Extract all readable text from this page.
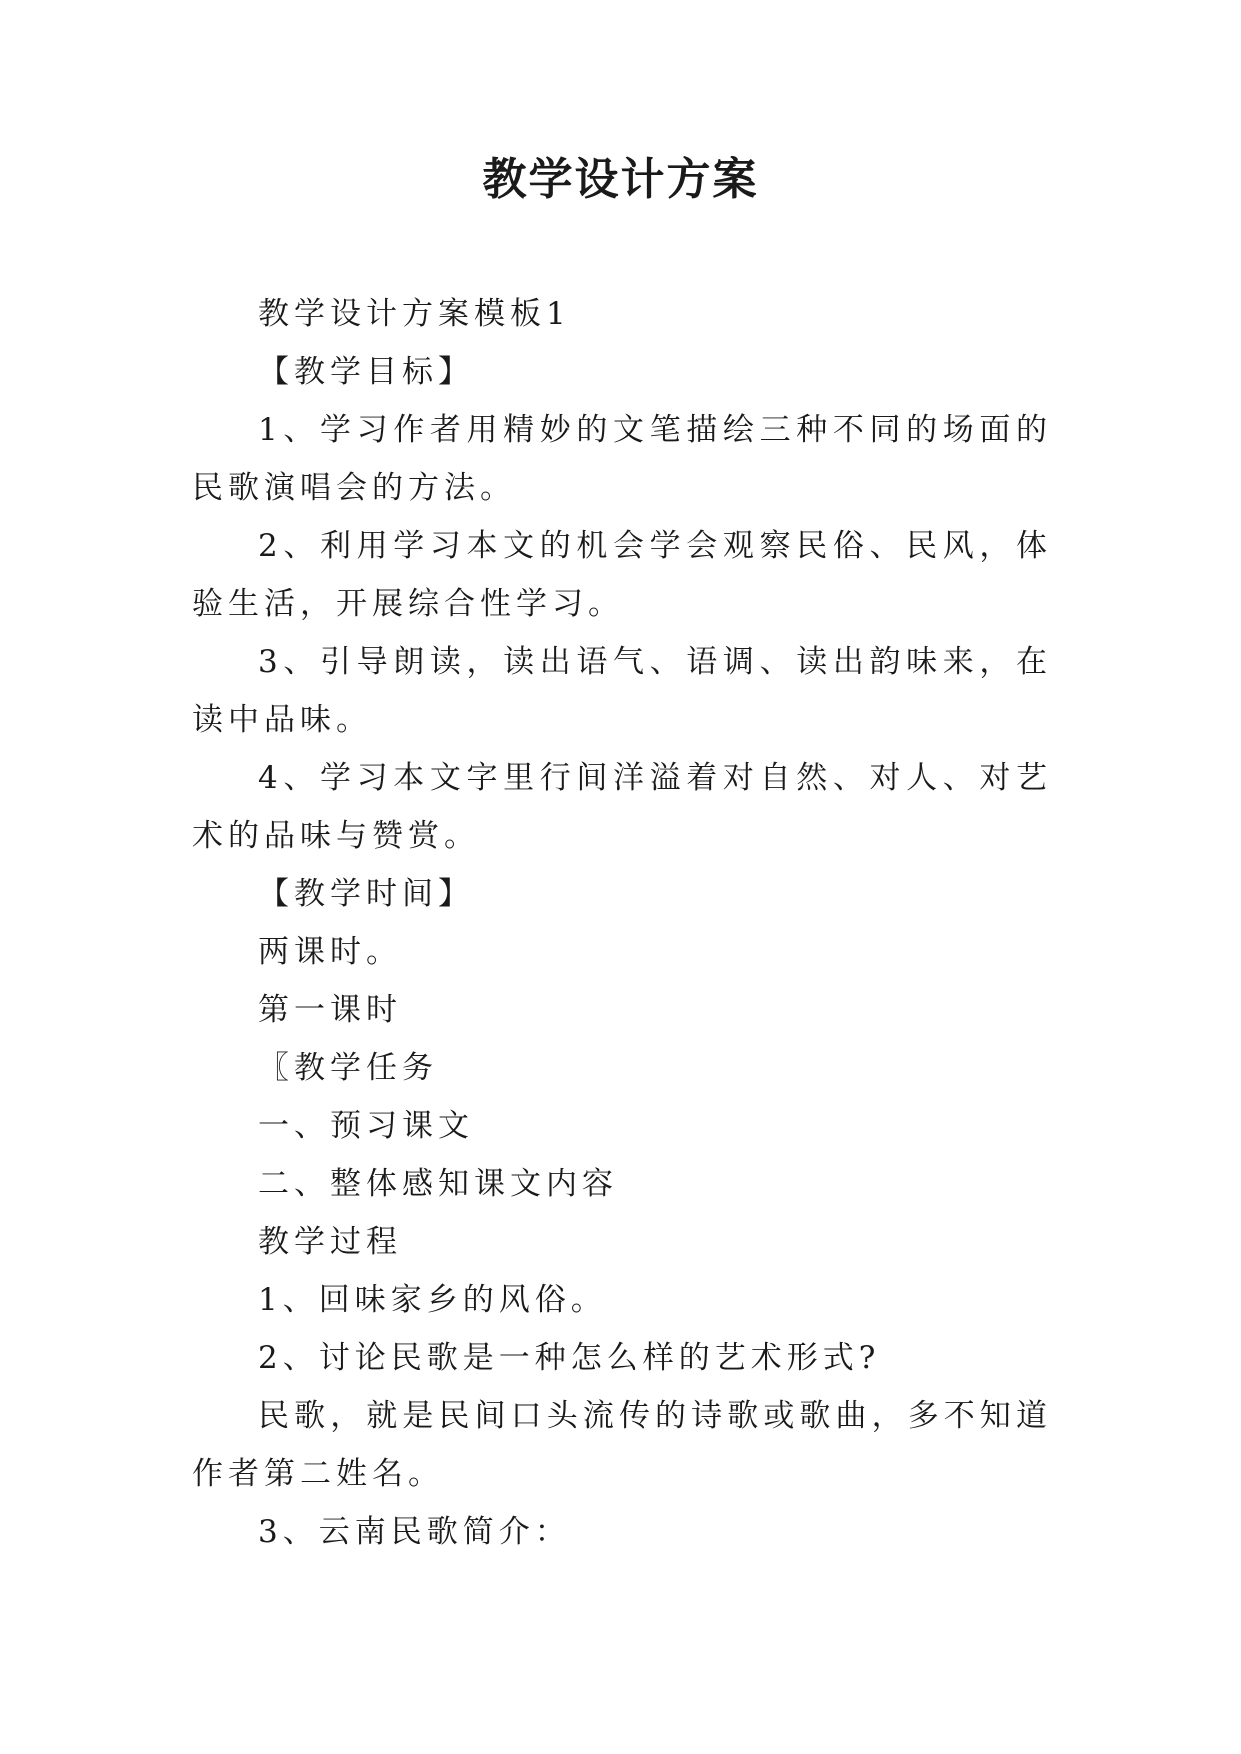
教学设计方案

教学设计方案模板1

【教学目标】

1、学习作者用精妙的文笔描绘三种不同的场面的民歌演唱会的方法。

2、利用学习本文的机会学会观察民俗、民风，体验生活，开展综合性学习。

3、引导朗读，读出语气、语调、读出韵味来，在读中品味。

4、学习本文字里行间洋溢着对自然、对人、对艺术的品味与赞赏。

【教学时间】

两课时。

第一课时

〖教学任务

一、预习课文

二、整体感知课文内容

教学过程

1、回味家乡的风俗。

2、讨论民歌是一种怎么样的艺术形式?

民歌，就是民间口头流传的诗歌或歌曲，多不知道作者第二姓名。

3、云南民歌简介：
